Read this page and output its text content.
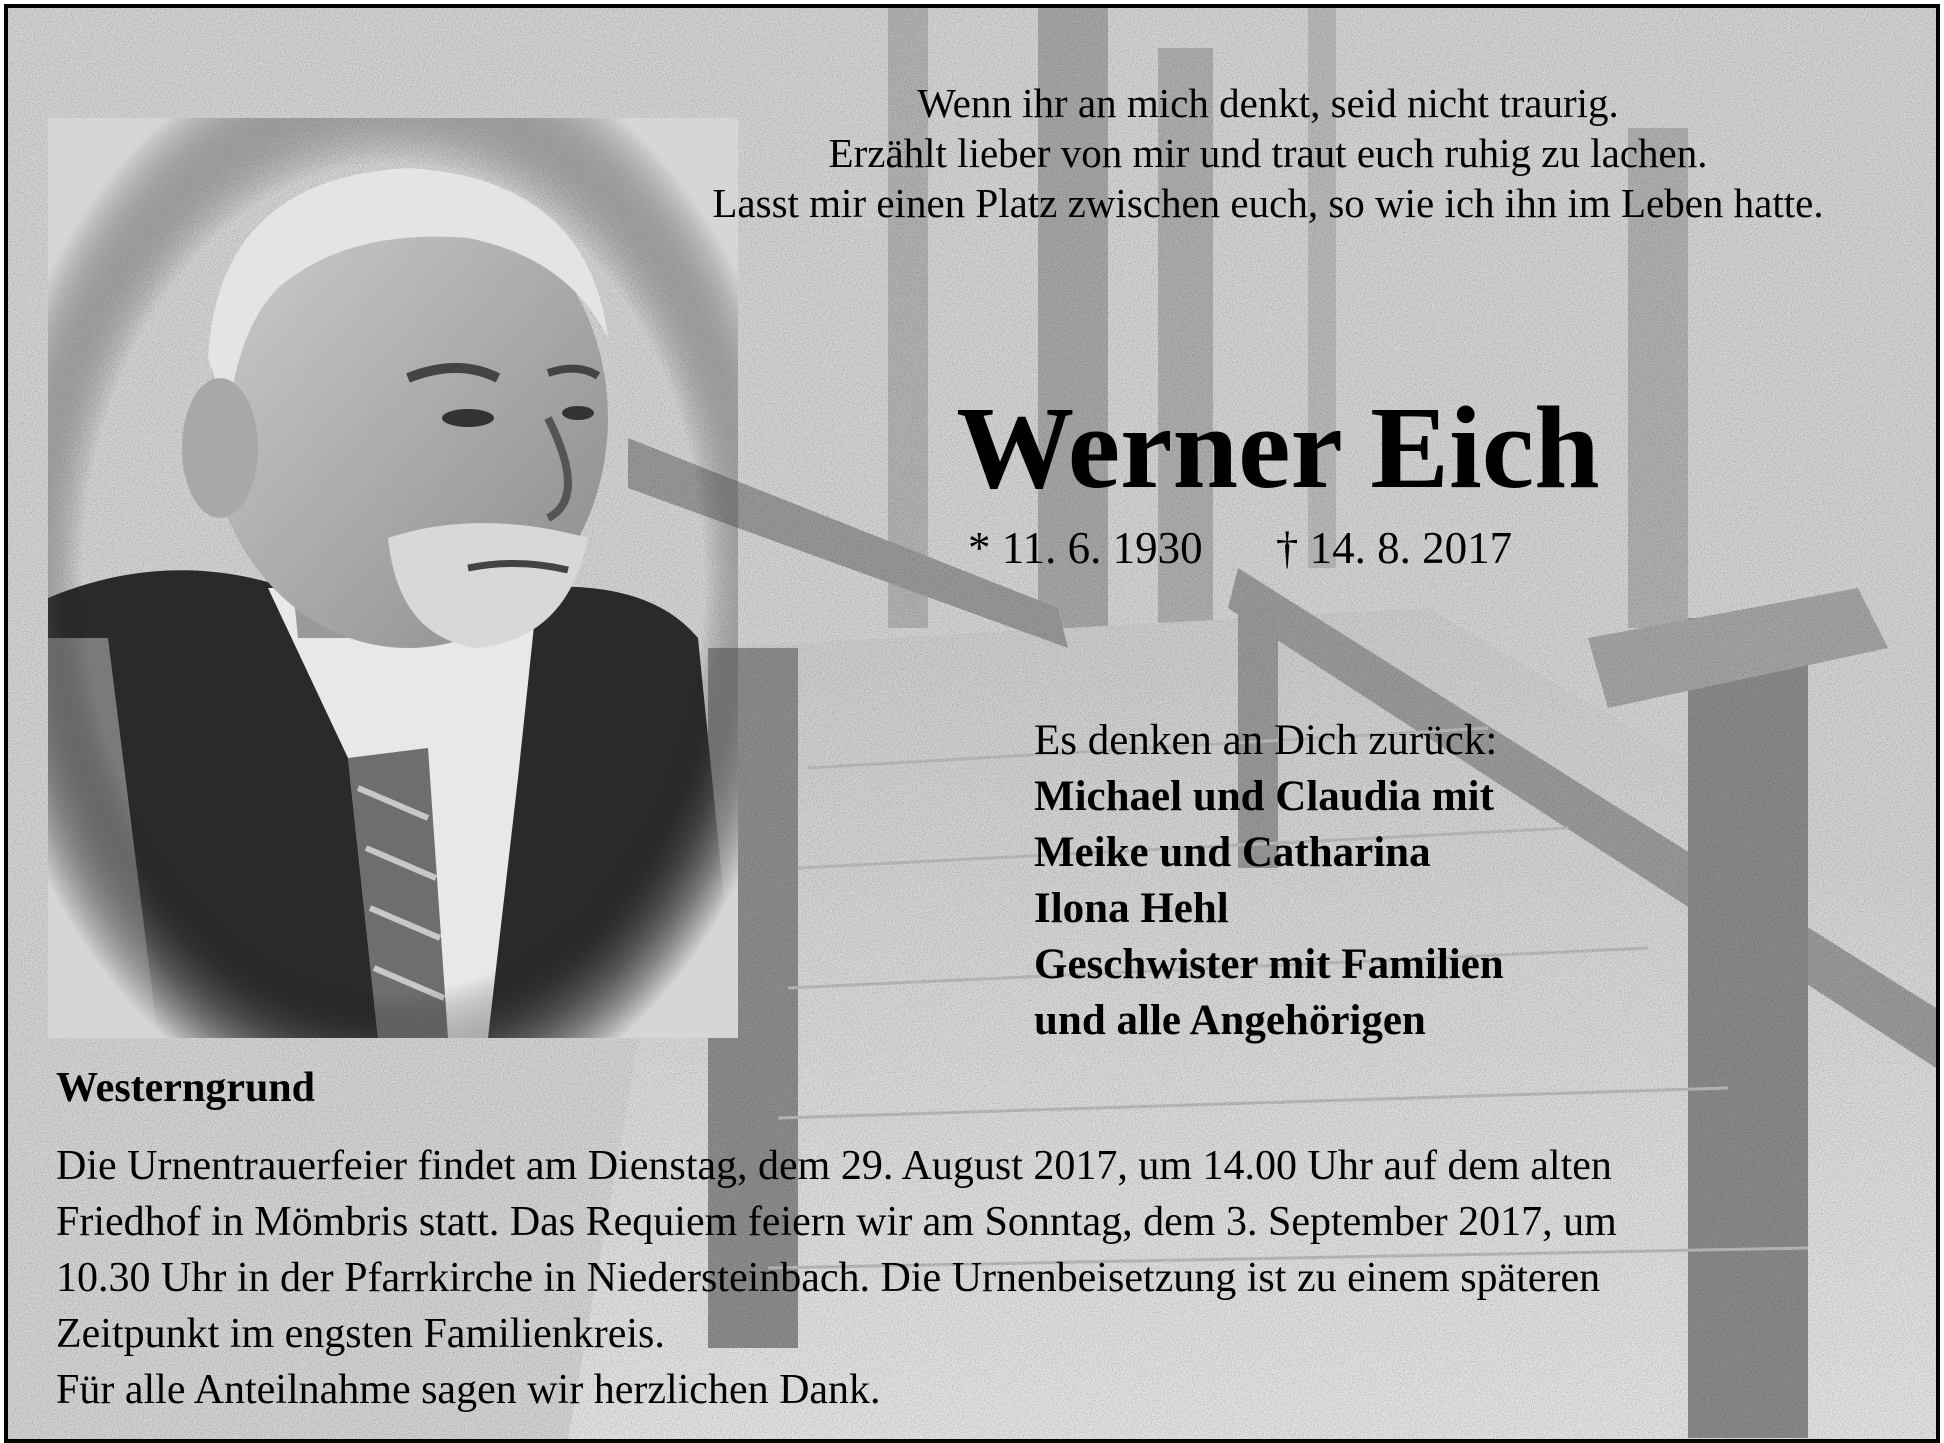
Wenn ihr an mich denkt, seid nicht traurig.
Erzählt lieber von mir und traut euch ruhig zu lachen.
Lasst mir einen Platz zwischen euch, so wie ich ihn im Leben hatte.
Werner Eich
* 11. 6. 1930 † 14. 8. 2017
Es denken an Dich zurück:
Michael und Claudia mit
Meike und Catharina
Ilona Hehl
Geschwister mit Familien
und alle Angehörigen
Westerngrund
Die Urnentrauerfeier findet am Dienstag, dem 29. August 2017, um 14.00 Uhr auf dem alten
Friedhof in Mömbris statt. Das Requiem feiern wir am Sonntag, dem 3. September 2017, um
10.30 Uhr in der Pfarrkirche in Niedersteinbach. Die Urnenbeisetzung ist zu einem späteren
Zeitpunkt im engsten Familienkreis.
Für alle Anteilnahme sagen wir herzlichen Dank.
